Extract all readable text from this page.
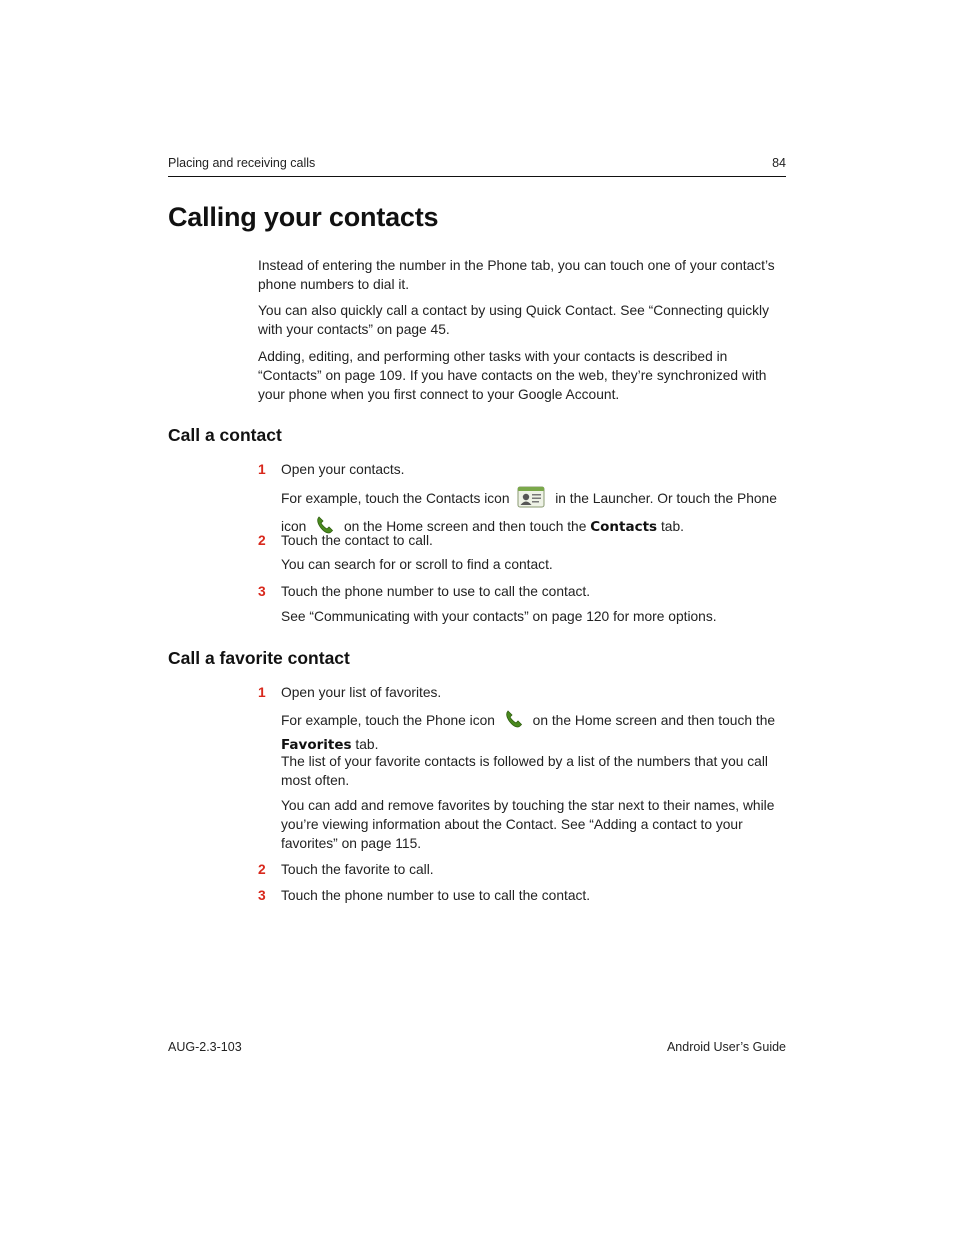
Placing and receiving calls	84
Calling your contacts

Instead of entering the number in the Phone tab, you can touch one of your contact’s phone numbers to dial it.

You can also quickly call a contact by using Quick Contact. See “Connecting quickly with your contacts” on page 45.

Adding, editing, and performing other tasks with your contacts is described in “Contacts” on page 109. If you have contacts on the web, they’re synchronized with your phone when you first connect to your Google Account.

Call a contact
1 Open your contacts.

For example, touch the Contacts icon	in the Launcher. Or touch the Phone icon	on the Home screen and then touch the Contacts tab.

2 Touch the contact to call.

You can search for or scroll to find a contact.

3 Touch the phone number to use to call the contact.

See “Communicating with your contacts” on page 120 for more options.

Call a favorite contact
1 Open your list of favorites.

For example, touch the Phone icon	on the Home screen and then touch the Favorites tab.

The list of your favorite contacts is followed by a list of the numbers that you call most often.

You can add and remove favorites by touching the star next to their names, while you’re viewing information about the Contact. See “Adding a contact to your favorites” on page 115.

2 Touch the favorite to call.

3 Touch the phone number to use to call the contact.

AUG-2.3-103	Android User’s Guide
